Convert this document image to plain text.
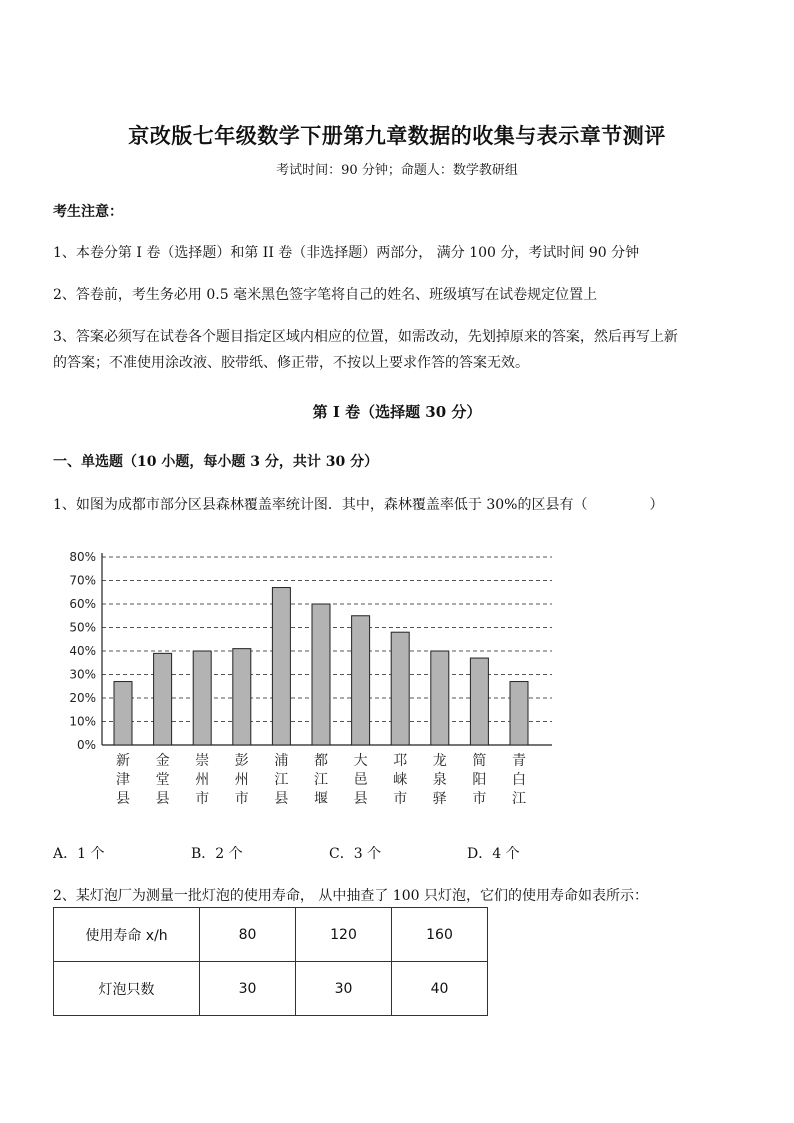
京改版七年级数学下册第九章数据的收集与表示章节测评
考试时间：90 分钟；命题人：数学教研组
考生注意：
1、本卷分第 I 卷（选择题）和第 II 卷（非选择题）两部分， 满分 100 分，考试时间 90 分钟
2、答卷前，考生务必用 0.5 毫米黑色签字笔将自己的姓名、班级填写在试卷规定位置上
3、答案必须写在试卷各个题目指定区域内相应的位置，如需改动，先划掉原来的答案，然后再写上新
的答案；不准使用涂改液、胶带纸、修正带，不按以上要求作答的答案无效。
第 I 卷（选择题 30 分）
一、单选题（10 小题，每小题 3 分，共计 30 分）
1、如图为成都市部分区县森林覆盖率统计图．其中，森林覆盖率低于 30%的区县有（	）
0%
10%
20%
30%
40%
50%
60%
70%
80%
新津县
金堂县
崇州市
彭州市
浦江县
都江堰
大邑县
邛崃市
龙泉驿
简阳市
青白江
A．1 个	B．2 个	C．3 个	D．4 个
2、某灯泡厂为测量一批灯泡的使用寿命， 从中抽查了 100 只灯泡，它们的使用寿命如表所示：
使用寿命 x/h	80	120	160
灯泡只数	30	30	40
